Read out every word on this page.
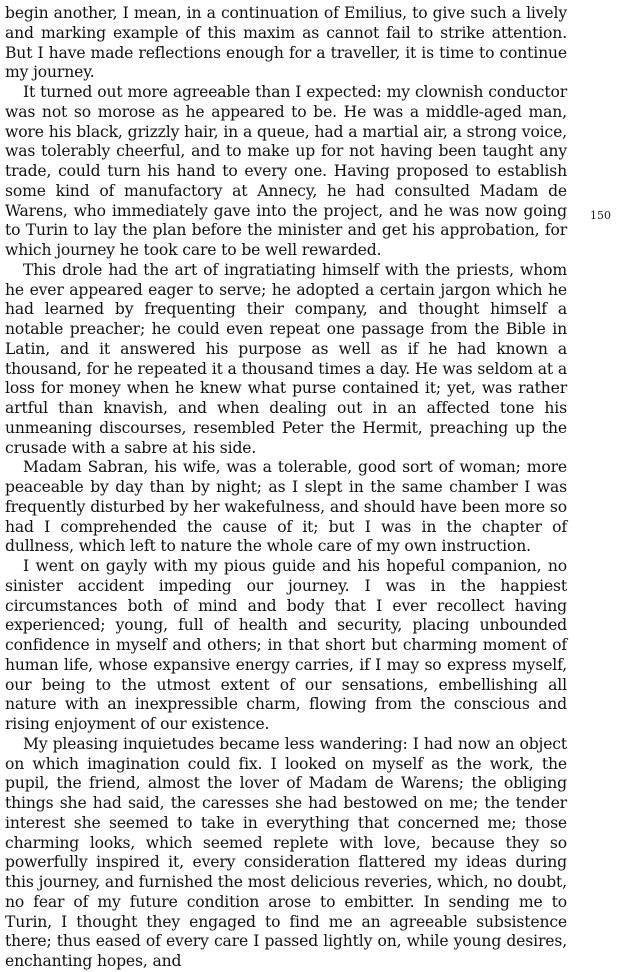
begin another, I mean, in a continuation of Emilius, to give such a lively and marking example of this maxim as cannot fail to strike attention. But I have made reflections enough for a traveller, it is time to continue my journey.

It turned out more agreeable than I expected: my clownish conductor was not so morose as he appeared to be. He was a middle-aged man, wore his black, grizzly hair, in a queue, had a martial air, a strong voice, was tolerably cheerful, and to make up for not having been taught any trade, could turn his hand to every one. Having proposed to establish some kind of manufactory at Annecy, he had consulted Madam de Warens, who immediately gave into the project, and he was now going to Turin to lay the plan before the minister and get his approbation, for which journey he took care to be well rewarded.

This drole had the art of ingratiating himself with the priests, whom he ever appeared eager to serve; he adopted a certain jargon which he had learned by frequenting their company, and thought himself a notable preacher; he could even repeat one passage from the Bible in Latin, and it answered his purpose as well as if he had known a thousand, for he repeated it a thousand times a day. He was seldom at a loss for money when he knew what purse contained it; yet, was rather artful than knavish, and when dealing out in an affected tone his unmeaning discourses, resembled Peter the Hermit, preaching up the crusade with a sabre at his side.

Madam Sabran, his wife, was a tolerable, good sort of woman; more peaceable by day than by night; as I slept in the same chamber I was frequently disturbed by her wakefulness, and should have been more so had I comprehended the cause of it; but I was in the chapter of dullness, which left to nature the whole care of my own instruction.

I went on gayly with my pious guide and his hopeful companion, no sinister accident impeding our journey. I was in the happiest circumstances both of mind and body that I ever recollect having experienced; young, full of health and security, placing unbounded confidence in myself and others; in that short but charming moment of human life, whose expansive energy carries, if I may so express myself, our being to the utmost extent of our sensations, embellishing all nature with an inexpressible charm, flowing from the conscious and rising enjoyment of our existence.

My pleasing inquietudes became less wandering: I had now an object on which imagination could fix. I looked on myself as the work, the pupil, the friend, almost the lover of Madam de Warens; the obliging things she had said, the caresses she had bestowed on me; the tender interest she seemed to take in everything that concerned me; those charming looks, which seemed replete with love, because they so powerfully inspired it, every consideration flattered my ideas during this journey, and furnished the most delicious reveries, which, no doubt, no fear of my future condition arose to embitter. In sending me to Turin, I thought they engaged to find me an agreeable subsistence there; thus eased of every care I passed lightly on, while young desires, enchanting hopes, and

150
